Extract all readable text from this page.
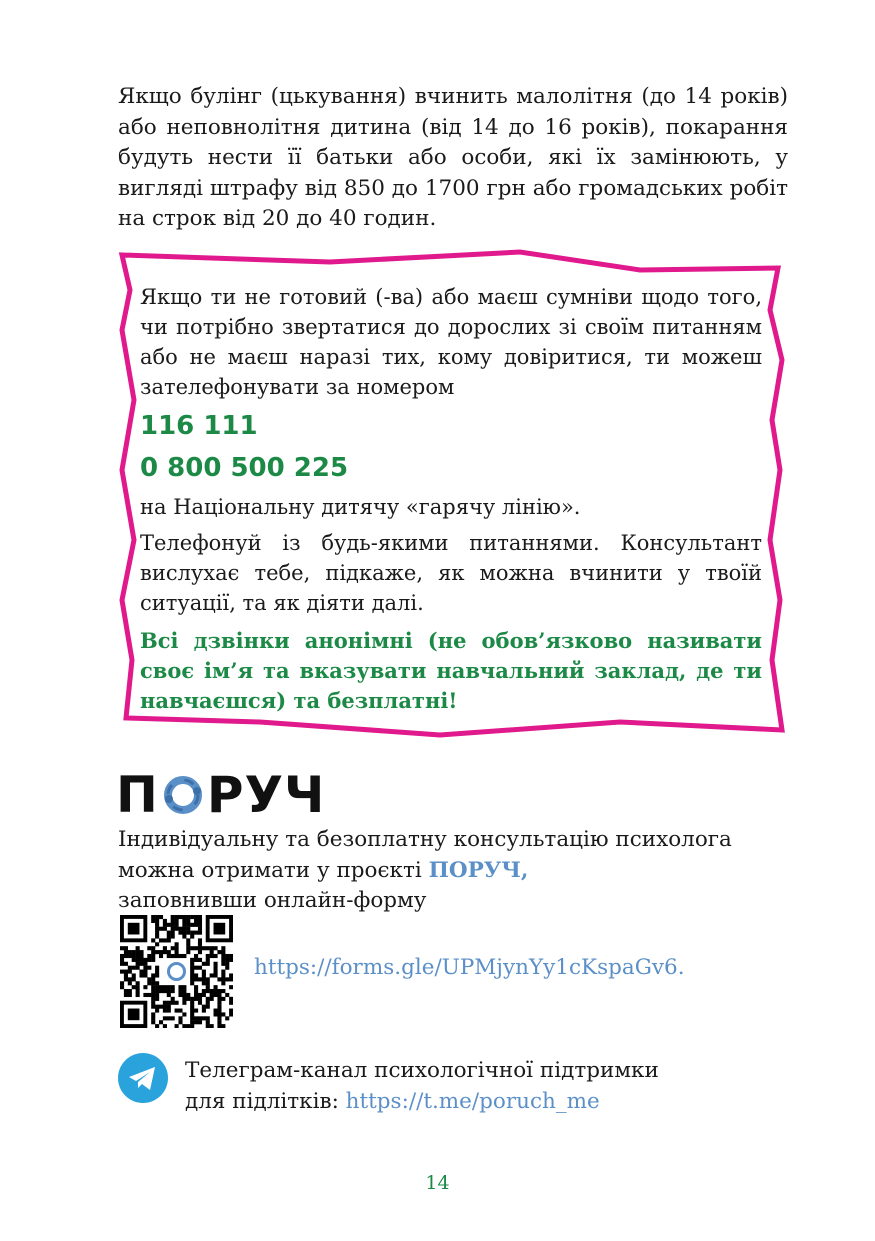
Якщо булінг (цькування) вчинить малолітня (до 14 років) або неповнолітня дитина (від 14 до 16 років), покарання будуть нести її батьки або особи, які їх замінюють, у вигляді штрафу від 850 до 1700 грн або громадських робіт на строк від 20 до 40 годин.

Якщо ти не готовий (-ва) або маєш сумніви щодо того, чи потрібно звертатися до дорослих зі своїм питанням або не маєш наразі тих, кому довіритися, ти можеш зателефонувати за номером

116 111
0 800 500 225

на Національну дитячу «гарячу лінію».

Телефонуй із будь-якими питаннями. Консультант вислухає тебе, підкаже, як можна вчинити у твоїй ситуації, та як діяти далі.

Всі дзвінки анонімні (не обов’язково називати своє ім’я та вказувати навчальний заклад, де ти навчаєшся) та безплатні!

П РУЧ

Індивідуальну та безоплатну консультацію психолога можна отримати у проєкті ПОРУЧ,
заповнивши онлайн-форму

https://forms.gle/UPMjynYy1cKspaGv6.

Телеграм-канал психологічної підтримки для підлітків: https://t.me/poruch_me

14
